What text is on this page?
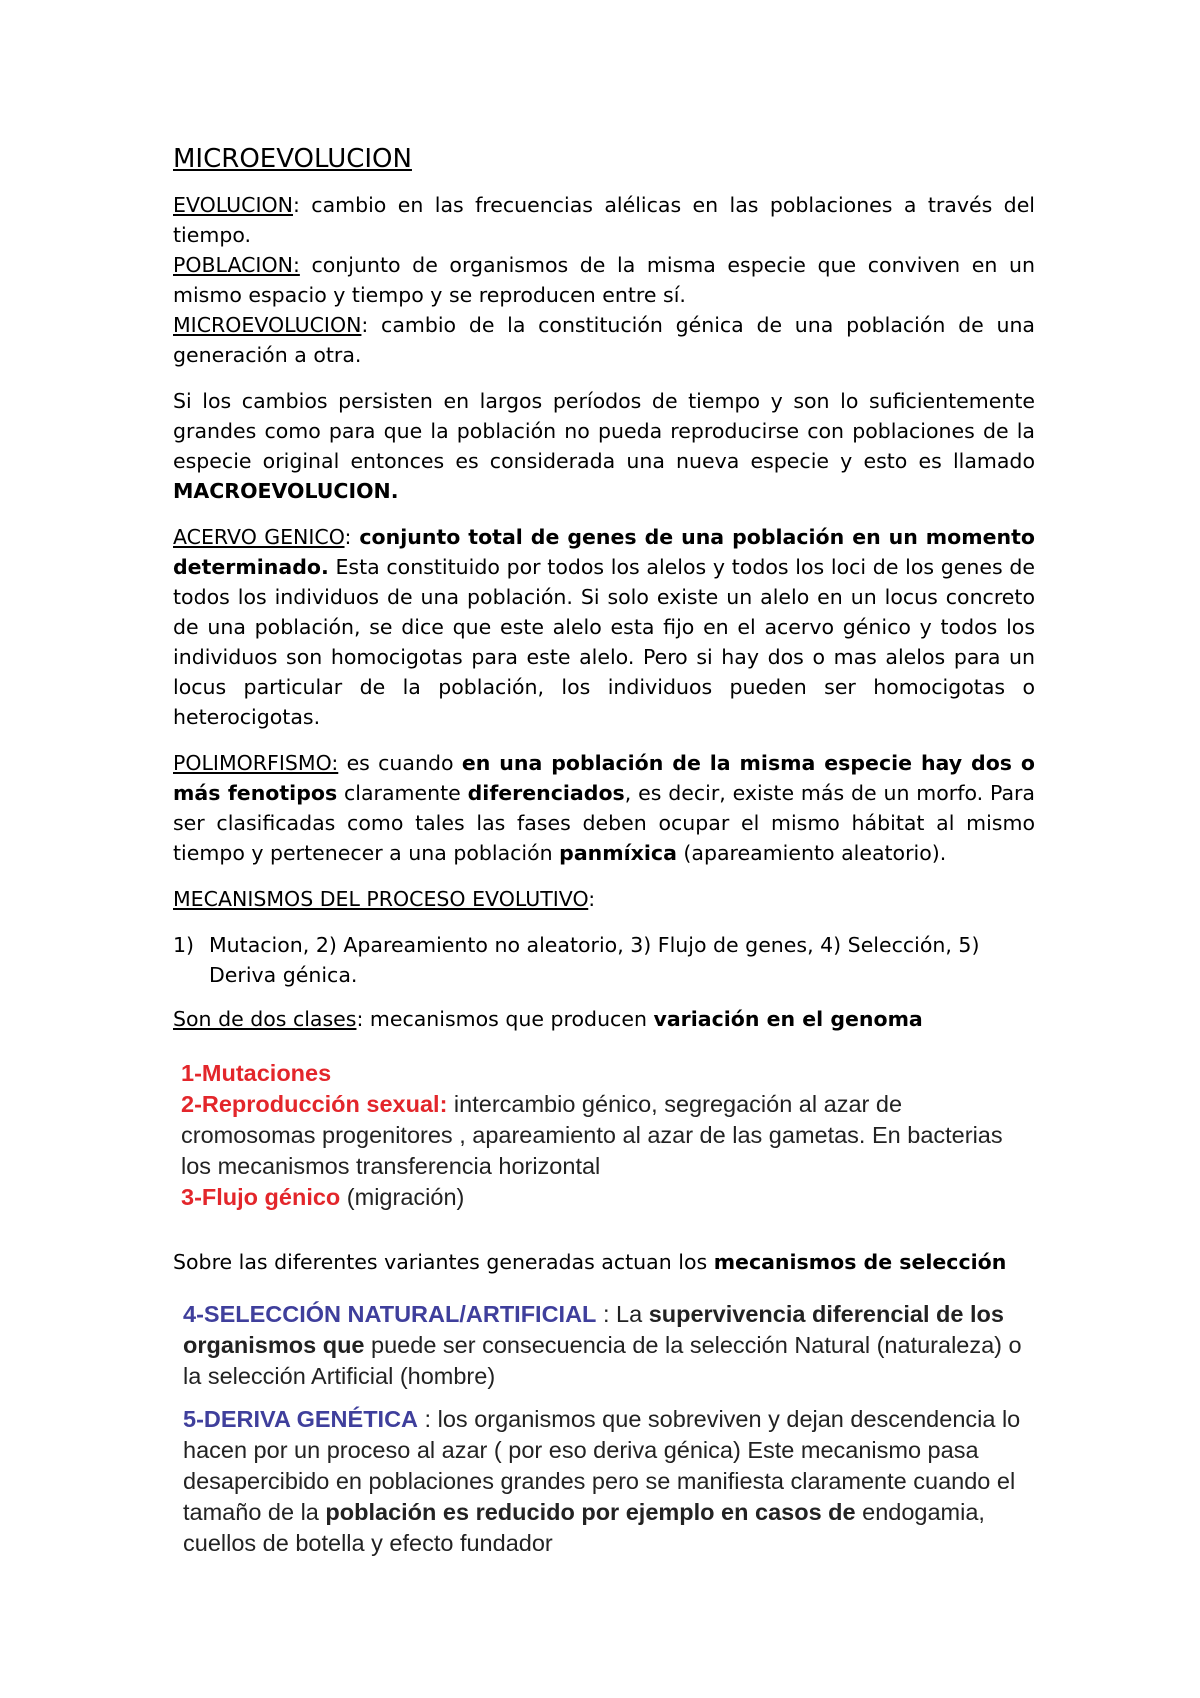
MICROEVOLUCION

EVOLUCION: cambio en las frecuencias alélicas en las poblaciones a través del tiempo.
POBLACION: conjunto de organismos de la misma especie que conviven en un mismo espacio y tiempo y se reproducen entre sí.
MICROEVOLUCION: cambio de la constitución génica de una población de una generación a otra.

Si los cambios persisten en largos períodos de tiempo y son lo suficientemente grandes como para que la población no pueda reproducirse con poblaciones de la especie original entonces es considerada una nueva especie y esto es llamado MACROEVOLUCION.

ACERVO GENICO: conjunto total de genes de una población en un momento determinado. Esta constituido por todos los alelos y todos los loci de los genes de todos los individuos de una población. Si solo existe un alelo en un locus concreto de una población, se dice que este alelo esta fijo en el acervo génico y todos los individuos son homocigotas para este alelo. Pero si hay dos o mas alelos para un locus particular de la población, los individuos pueden ser homocigotas o heterocigotas.

POLIMORFISMO: es cuando en una población de la misma especie hay dos o más fenotipos claramente diferenciados, es decir, existe más de un morfo. Para ser clasificadas como tales las fases deben ocupar el mismo hábitat al mismo tiempo y pertenecer a una población panmíxica (apareamiento aleatorio).

MECANISMOS DEL PROCESO EVOLUTIVO:

1) Mutacion, 2) Apareamiento no aleatorio, 3) Flujo de genes, 4) Selección, 5) Deriva génica.

Son de dos clases: mecanismos que producen variación en el genoma

1-Mutaciones
2-Reproducción sexual: intercambio génico, segregación al azar de cromosomas progenitores , apareamiento al azar de las gametas. En bacterias los mecanismos transferencia horizontal
3-Flujo génico (migración)

Sobre las diferentes variantes generadas actuan los mecanismos de selección

4-SELECCIÓN NATURAL/ARTIFICIAL : La supervivencia diferencial de los organismos que puede ser consecuencia de la selección Natural (naturaleza) o la selección Artificial (hombre)

5-DERIVA GENÉTICA : los organismos que sobreviven y dejan descendencia lo hacen por un proceso al azar ( por eso deriva génica) Este mecanismo pasa desapercibido en poblaciones grandes pero se manifiesta claramente cuando el tamaño de la población es reducido por ejemplo en casos de endogamia, cuellos de botella y efecto fundador
